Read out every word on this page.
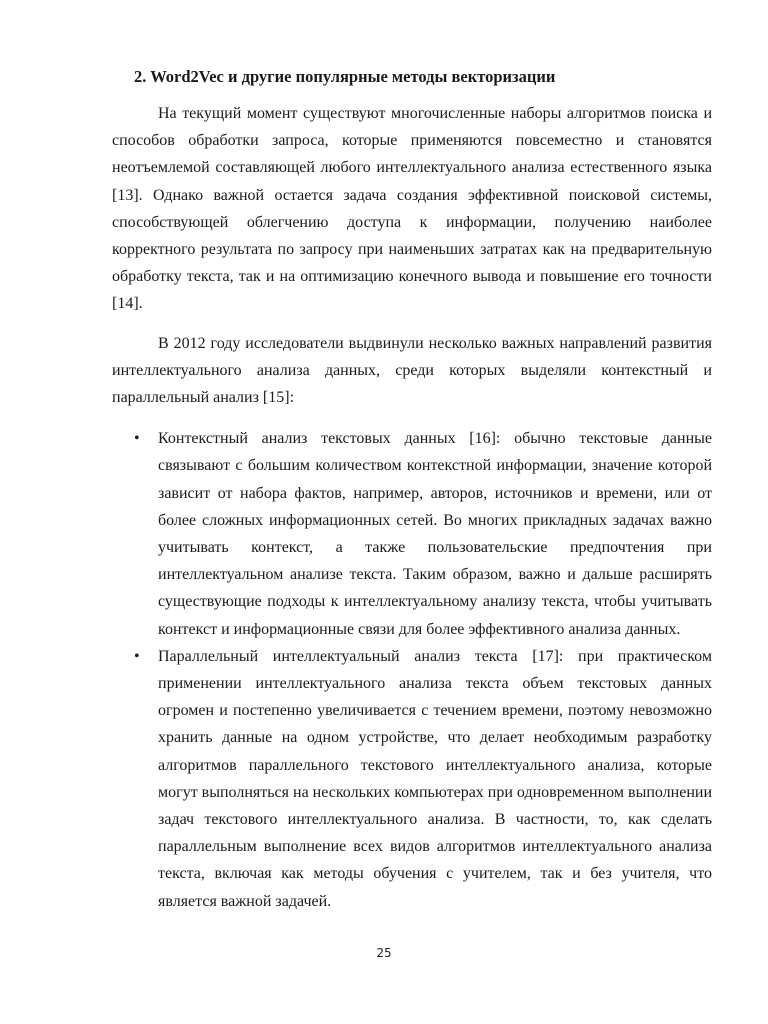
2. Word2Vec и другие популярные методы векторизации

На текущий момент существуют многочисленные наборы алгоритмов поиска и способов обработки запроса, которые применяются повсеместно и становятся неотъемлемой составляющей любого интеллектуального анализа естественного языка [13]. Однако важной остается задача создания эффективной поисковой системы, способствующей облегчению доступа к информации, получению наиболее корректного результата по запросу при наименьших затратах как на предварительную обработку текста, так и на оптимизацию конечного вывода и повышение его точности [14].

В 2012 году исследователи выдвинули несколько важных направлений развития интеллектуального анализа данных, среди которых выделяли контекстный и параллельный анализ [15]:

• Контекстный анализ текстовых данных [16]: обычно текстовые данные связывают с большим количеством контекстной информации, значение которой зависит от набора фактов, например, авторов, источников и времени, или от более сложных информационных сетей. Во многих прикладных задачах важно учитывать контекст, а также пользовательские предпочтения при интеллектуальном анализе текста. Таким образом, важно и дальше расширять существующие подходы к интеллектуальному анализу текста, чтобы учитывать контекст и информационные связи для более эффективного анализа данных.
• Параллельный интеллектуальный анализ текста [17]: при практическом применении интеллектуального анализа текста объем текстовых данных огромен и постепенно увеличивается с течением времени, поэтому невозможно хранить данные на одном устройстве, что делает необходимым разработку алгоритмов параллельного текстового интеллектуального анализа, которые могут выполняться на нескольких компьютерах при одновременном выполнении задач текстового интеллектуального анализа. В частности, то, как сделать параллельным выполнение всех видов алгоритмов интеллектуального анализа текста, включая как методы обучения с учителем, так и без учителя, что является важной задачей.
25
